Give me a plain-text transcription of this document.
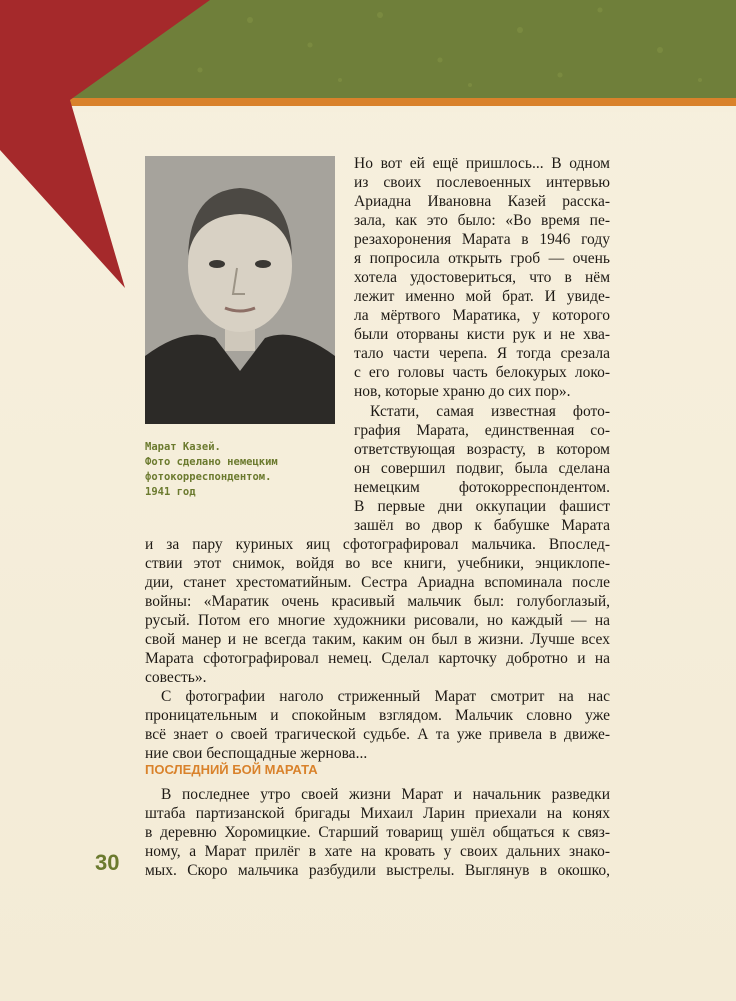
Марат Казей.
Фото сделано немецким
фотокорреспондентом.
1941 год
Но вот ей ещё пришлось... В одном
из своих послевоенных интервью
Ариадна Ивановна Казей расска-
зала, как это было: «Во время пе-
резахоронения Марата в 1946 году
я попросила открыть гроб — очень
хотела удостовериться, что в нём
лежит именно мой брат. И увиде-
ла мёртвого Маратика, у которого
были оторваны кисти рук и не хва-
тало части черепа. Я тогда срезала
с его головы часть белокурых локо-
нов, которые храню до сих пор».
Кстати, самая известная фото-
графия Марата, единственная со-
ответствующая возрасту, в котором
он совершил подвиг, была сделана
немецким фотокорреспондентом.
В первые дни оккупации фашист
зашёл во двор к бабушке Марата
и за пару куриных яиц сфотографировал мальчика. Впослед-
ствии этот снимок, войдя во все книги, учебники, энциклопе-
дии, станет хрестоматийным. Сестра Ариадна вспоминала после
войны: «Маратик очень красивый мальчик был: голубоглазый,
русый. Потом его многие художники рисовали, но каждый — на
свой манер и не всегда таким, каким он был в жизни. Лучше всех
Марата сфотографировал немец. Сделал карточку добротно и на
совесть».
С фотографии наголо стриженный Марат смотрит на нас
проницательным и спокойным взглядом. Мальчик словно уже
всё знает о своей трагической судьбе. А та уже привела в движе-
ние свои беспощадные жернова...
ПОСЛЕДНИЙ БОЙ МАРАТА
В последнее утро своей жизни Марат и начальник разведки
штаба партизанской бригады Михаил Ларин приехали на конях
в деревню Хоромицкие. Старший товарищ ушёл общаться к связ-
ному, а Марат прилёг в хате на кровать у своих дальних знако-
мых. Скоро мальчика разбудили выстрелы. Выглянув в окошко,
30
